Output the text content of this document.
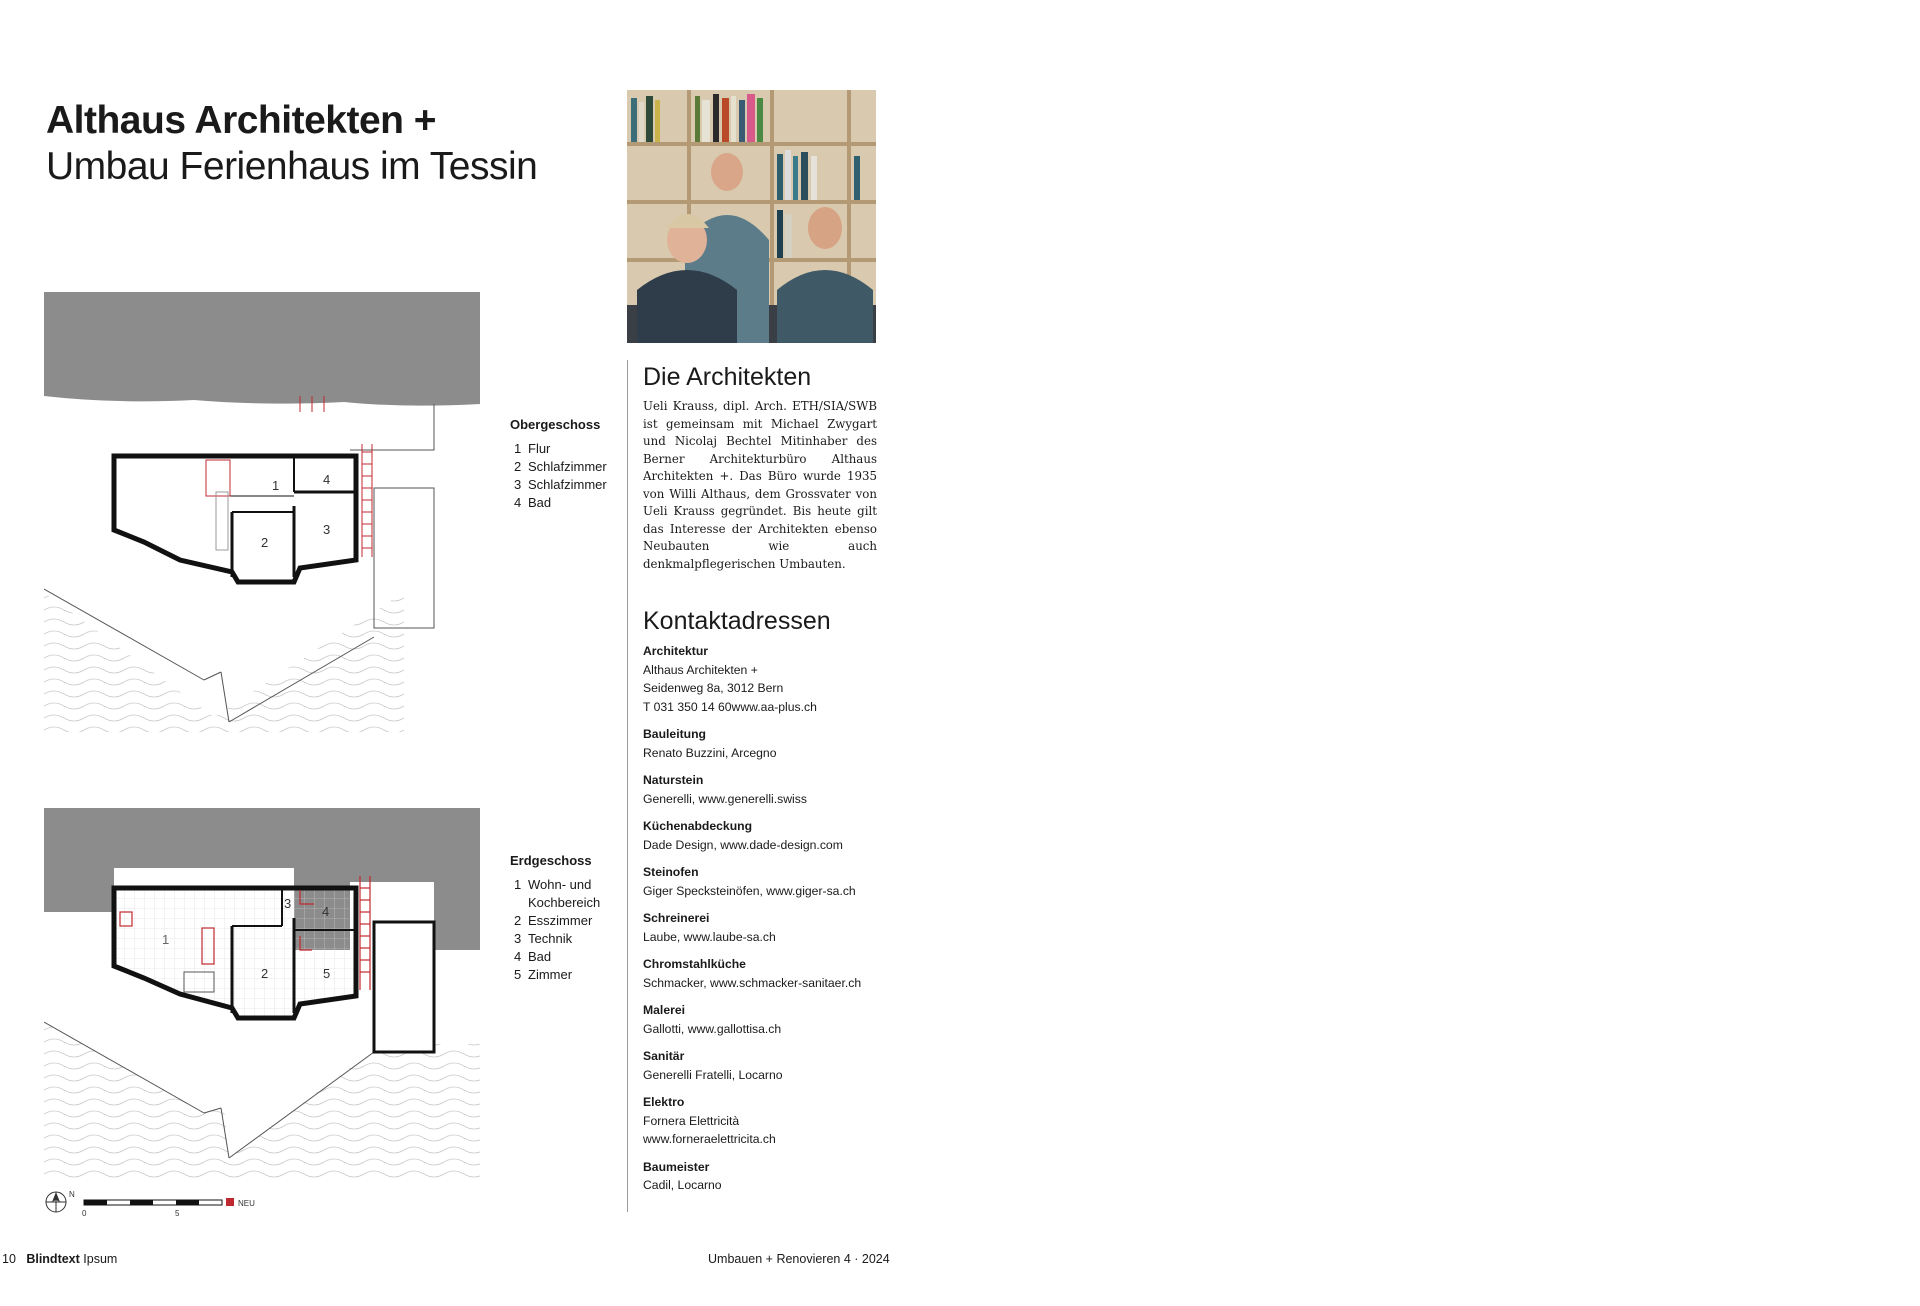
Althaus Architekten +
Umbau Ferienhaus im Tessin
1
2
3
4
Obergeschoss
1 Flur
2 Schlafzimmer
3 Schlafzimmer
4 Bad
1
2
3
4
5
Erdgeschoss
1 Wohn- und
Kochbereich
2 Esszimmer
3 Technik
4 Bad
5 Zimmer
N
0	5
NEU
Die Architekten
Ueli Krauss, dipl. Arch. ETH/SIA/SWB ist gemeinsam mit Michael Zwygart und Nicolaj Bechtel Mitinhaber des Berner Architekturbüro Althaus Architekten +. Das Büro wurde 1935 von Willi Althaus, dem Grossvater von Ueli Krauss gegründet. Bis heute gilt das Interesse der Architekten ebenso Neubauten wie auch denkmalpflegerischen Umbauten.
Kontaktadressen
Architektur
Althaus Architekten +
Seidenweg 8a, 3012 Bern
T 031 350 14 60www.aa-plus.ch
Bauleitung
Renato Buzzini, Arcegno
Naturstein
Generelli, www.generelli.swiss
Küchenabdeckung
Dade Design, www.dade-design.com
Steinofen
Giger Specksteinöfen, www.giger-sa.ch
Schreinerei
Laube, www.laube-sa.ch
Chromstahlküche
Schmacker, www.schmacker-sanitaer.ch
Malerei
Gallotti, www.gallottisa.ch
Sanitär
Generelli Fratelli, Locarno
Elektro
Fornera Elettricità
www.forneraelettricita.ch
Baumeister
Cadil, Locarno
10 Blindtext Ipsum	Umbauen + Renovieren 4 · 2024
